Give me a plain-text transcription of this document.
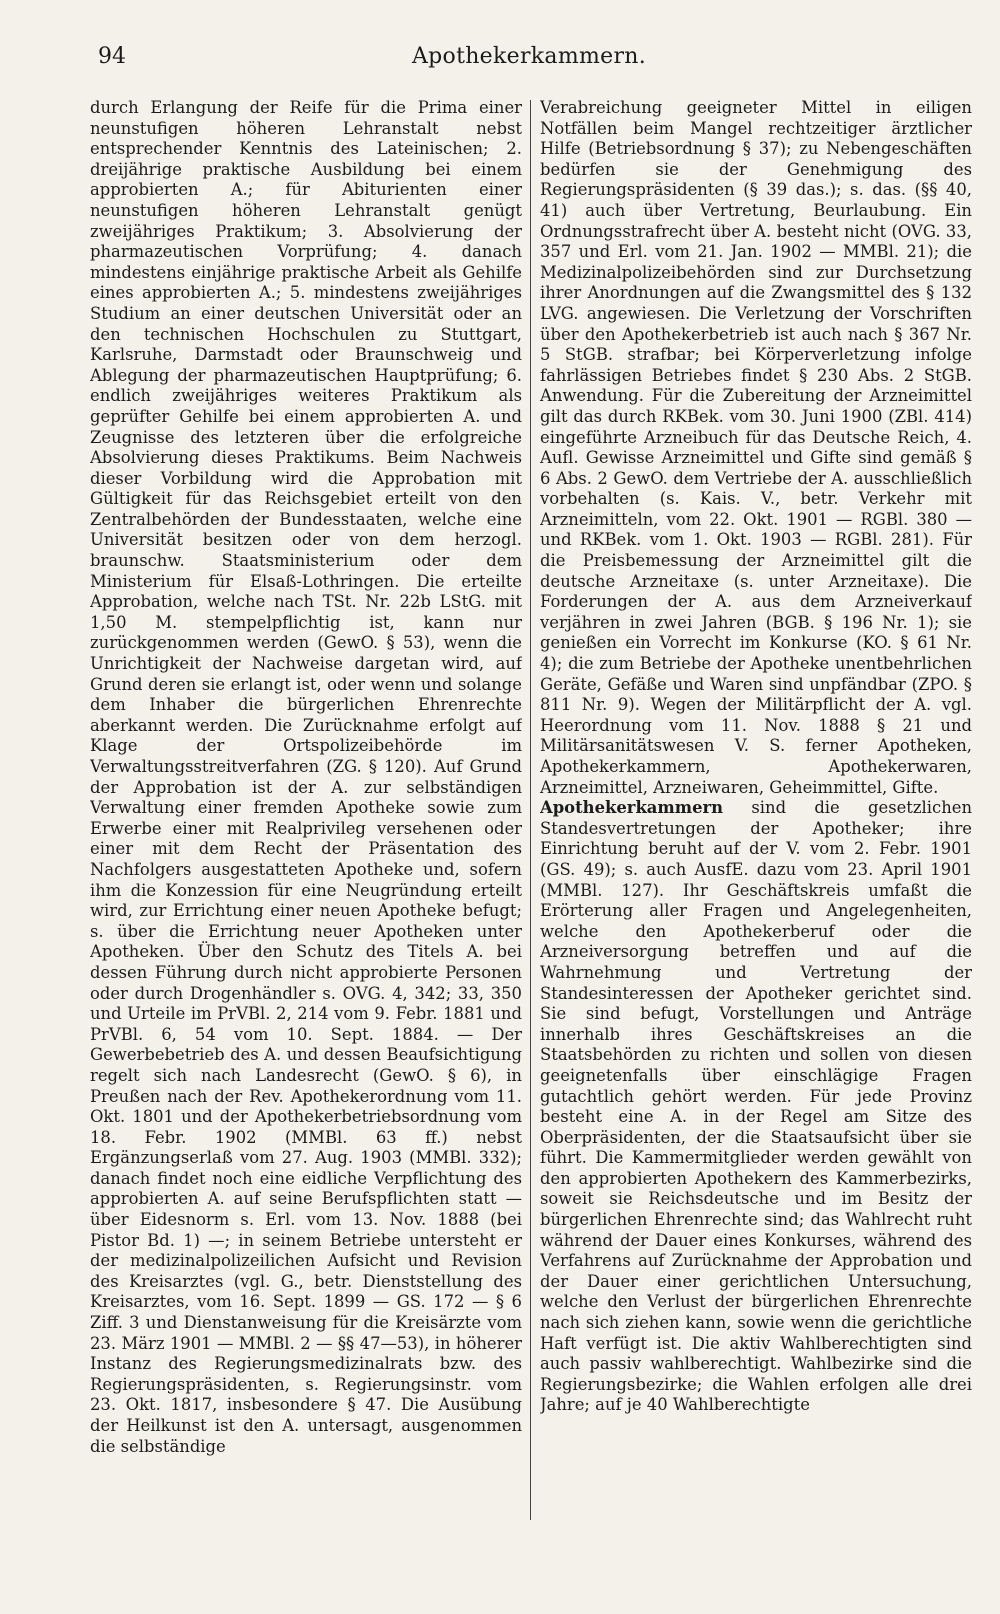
94	Apothekerkammern.

durch Erlangung der Reife für die Prima einer neunstufigen höheren Lehranstalt nebst entsprechender Kenntnis des Lateinischen; 2. dreijährige praktische Ausbildung bei einem approbierten A.; für Abiturienten einer neunstufigen höheren Lehranstalt genügt zweijähriges Praktikum; 3. Absolvierung der pharmazeutischen Vorprüfung; 4. danach mindestens einjährige praktische Arbeit als Gehilfe eines approbierten A.; 5. mindestens zweijähriges Studium an einer deutschen Universität oder an den technischen Hochschulen zu Stuttgart, Karlsruhe, Darmstadt oder Braunschweig und Ablegung der pharmazeutischen Hauptprüfung; 6. endlich zweijähriges weiteres Praktikum als geprüfter Gehilfe bei einem approbierten A. und Zeugnisse des letzteren über die erfolgreiche Absolvierung dieses Praktikums. Beim Nachweis dieser Vorbildung wird die Approbation mit Gültigkeit für das Reichsgebiet erteilt von den Zentralbehörden der Bundesstaaten, welche eine Universität besitzen oder von dem herzogl. braunschw. Staatsministerium oder dem Ministerium für Elsaß-Lothringen. Die erteilte Approbation, welche nach TSt. Nr. 22b LStG. mit 1,50 M. stempelpflichtig ist, kann nur zurückgenommen werden (GewO. § 53), wenn die Unrichtigkeit der Nachweise dargetan wird, auf Grund deren sie erlangt ist, oder wenn und solange dem Inhaber die bürgerlichen Ehrenrechte aberkannt werden. Die Zurücknahme erfolgt auf Klage der Ortspolizeibehörde im Verwaltungsstreitverfahren (ZG. § 120). Auf Grund der Approbation ist der A. zur selbständigen Verwaltung einer fremden Apotheke sowie zum Erwerbe einer mit Realprivileg versehenen oder einer mit dem Recht der Präsentation des Nachfolgers ausgestatteten Apotheke und, sofern ihm die Konzession für eine Neugründung erteilt wird, zur Errichtung einer neuen Apotheke befugt; s. über die Errichtung neuer Apotheken unter Apotheken. Über den Schutz des Titels A. bei dessen Führung durch nicht approbierte Personen oder durch Drogenhändler s. OVG. 4, 342; 33, 350 und Urteile im PrVBl. 2, 214 vom 9. Febr. 1881 und PrVBl. 6, 54 vom 10. Sept. 1884. — Der Gewerbebetrieb des A. und dessen Beaufsichtigung regelt sich nach Landesrecht (GewO. § 6), in Preußen nach der Rev. Apothekerordnung vom 11. Okt. 1801 und der Apothekerbetriebsordnung vom 18. Febr. 1902 (MMBl. 63 ff.) nebst Ergänzungserlaß vom 27. Aug. 1903 (MMBl. 332); danach findet noch eine eidliche Verpflichtung des approbierten A. auf seine Berufspflichten statt — über Eidesnorm s. Erl. vom 13. Nov. 1888 (bei Pistor Bd. 1) —; in seinem Betriebe untersteht er der medizinalpolizeilichen Aufsicht und Revision des Kreisarztes (vgl. G., betr. Dienststellung des Kreisarztes, vom 16. Sept. 1899 — GS. 172 — § 6 Ziff. 3 und Dienstanweisung für die Kreisärzte vom 23. März 1901 — MMBl. 2 — §§ 47—53), in höherer Instanz des Regierungsmedizinalrats bzw. des Regierungspräsidenten, s. Regierungsinstr. vom 23. Okt. 1817, insbesondere § 47. Die Ausübung der Heilkunst ist den A. untersagt, ausgenommen die selbständige

Verabreichung geeigneter Mittel in eiligen Notfällen beim Mangel rechtzeitiger ärztlicher Hilfe (Betriebsordnung § 37); zu Nebengeschäften bedürfen sie der Genehmigung des Regierungspräsidenten (§ 39 das.); s. das. (§§ 40, 41) auch über Vertretung, Beurlaubung. Ein Ordnungsstrafrecht über A. besteht nicht (OVG. 33, 357 und Erl. vom 21. Jan. 1902 — MMBl. 21); die Medizinalpolizeibehörden sind zur Durchsetzung ihrer Anordnungen auf die Zwangsmittel des § 132 LVG. angewiesen. Die Verletzung der Vorschriften über den Apothekerbetrieb ist auch nach § 367 Nr. 5 StGB. strafbar; bei Körperverletzung infolge fahrlässigen Betriebes findet § 230 Abs. 2 StGB. Anwendung. Für die Zubereitung der Arzneimittel gilt das durch RKBek. vom 30. Juni 1900 (ZBl. 414) eingeführte Arzneibuch für das Deutsche Reich, 4. Aufl. Gewisse Arzneimittel und Gifte sind gemäß § 6 Abs. 2 GewO. dem Vertriebe der A. ausschließlich vorbehalten (s. Kais. V., betr. Verkehr mit Arzneimitteln, vom 22. Okt. 1901 — RGBl. 380 — und RKBek. vom 1. Okt. 1903 — RGBl. 281). Für die Preisbemessung der Arzneimittel gilt die deutsche Arzneitaxe (s. unter Arzneitaxe). Die Forderungen der A. aus dem Arzneiverkauf verjähren in zwei Jahren (BGB. § 196 Nr. 1); sie genießen ein Vorrecht im Konkurse (KO. § 61 Nr. 4); die zum Betriebe der Apotheke unentbehrlichen Geräte, Gefäße und Waren sind unpfändbar (ZPO. § 811 Nr. 9). Wegen der Militärpflicht der A. vgl. Heerordnung vom 11. Nov. 1888 § 21 und Militärsanitätswesen V. S. ferner Apotheken, Apothekerkammern, Apothekerwaren, Arzneimittel, Arzneiwaren, Geheimmittel, Gifte.

Apothekerkammern sind die gesetzlichen Standesvertretungen der Apotheker; ihre Einrichtung beruht auf der V. vom 2. Febr. 1901 (GS. 49); s. auch AusfE. dazu vom 23. April 1901 (MMBl. 127). Ihr Geschäftskreis umfaßt die Erörterung aller Fragen und Angelegenheiten, welche den Apothekerberuf oder die Arzneiversorgung betreffen und auf die Wahrnehmung und Vertretung der Standesinteressen der Apotheker gerichtet sind. Sie sind befugt, Vorstellungen und Anträge innerhalb ihres Geschäftskreises an die Staatsbehörden zu richten und sollen von diesen geeignetenfalls über einschlägige Fragen gutachtlich gehört werden. Für jede Provinz besteht eine A. in der Regel am Sitze des Oberpräsidenten, der die Staatsaufsicht über sie führt. Die Kammermitglieder werden gewählt von den approbierten Apothekern des Kammerbezirks, soweit sie Reichsdeutsche und im Besitz der bürgerlichen Ehrenrechte sind; das Wahlrecht ruht während der Dauer eines Konkurses, während des Verfahrens auf Zurücknahme der Approbation und der Dauer einer gerichtlichen Untersuchung, welche den Verlust der bürgerlichen Ehrenrechte nach sich ziehen kann, sowie wenn die gerichtliche Haft verfügt ist. Die aktiv Wahlberechtigten sind auch passiv wahlberechtigt. Wahlbezirke sind die Regierungsbezirke; die Wahlen erfolgen alle drei Jahre; auf je 40 Wahlberechtigte
